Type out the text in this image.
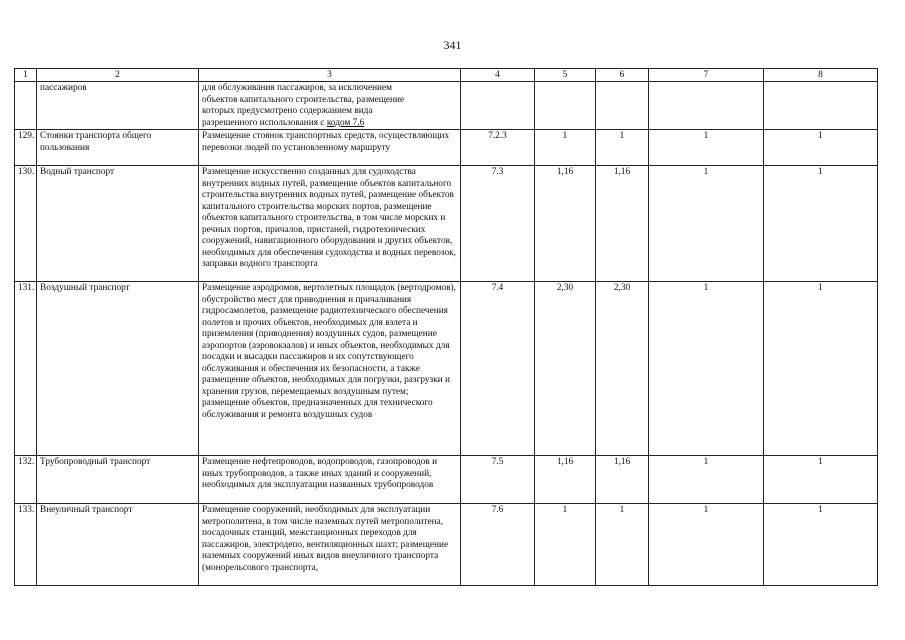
341
1	2	3	4	5	6	7	8
	пассажиров	для обслуживания пассажиров, за исключением
объектов капитального строительства, размещение
которых предусмотрено содержанием вида
разрешенного использования с кодом 7.6					
129.	Стоянки транспорта общего пользования	Размещение стоянок транспортных средств, осуществляющих перевозки людей по установленному маршруту	7.2.3	1	1	1	1
130.	Водный транспорт	Размещение искусственно созданных для судоходства внутренних водных путей, размещение объектов капитального строительства внутренних водных путей, размещение объектов капитального строительства морских портов, размещение объектов капитального строительства, в том числе морских и речных портов, причалов, пристаней, гидротехнических сооружений, навигационного оборудования и других объектов, необходимых для обеспечения судоходства и водных перевозок, заправки водного транспорта	7.3	1,16	1,16	1	1
131.	Воздушный транспорт	Размещение аэродромов, вертолетных площадок (вертодромов), обустройство мест для приводнения и причаливания гидросамолетов, размещение радиотехнического обеспечения полетов и прочих объектов, необходимых для взлета и приземления (приводнения) воздушных судов, размещение аэропортов (аэровокзалов) и иных объектов, необходимых для посадки и высадки пассажиров и их сопутствующего обслуживания и обеспечения их безопасности, а также размещение объектов, необходимых для погрузки, разгрузки и хранения грузов, перемещаемых воздушным путем; размещение объектов, предназначенных для технического обслуживания и ремонта воздушных судов	7.4	2,30	2,30	1	1
132.	Трубопроводный транспорт	Размещение нефтепроводов, водопроводов, газопроводов и иных трубопроводов, а также иных зданий и сооружений, необходимых для эксплуатации названных трубопроводов	7.5	1,16	1,16	1	1
133.	Внеуличный транспорт	Размещение сооружений, необходимых для эксплуатации метрополитена, в том числе наземных путей метрополитена, посадочных станций, межстанционных переходов для пассажиров, электродепо, вентиляционных шахт; размещение наземных сооружений иных видов внеуличного транспорта (монорельсового транспорта,	7.6	1	1	1	1
